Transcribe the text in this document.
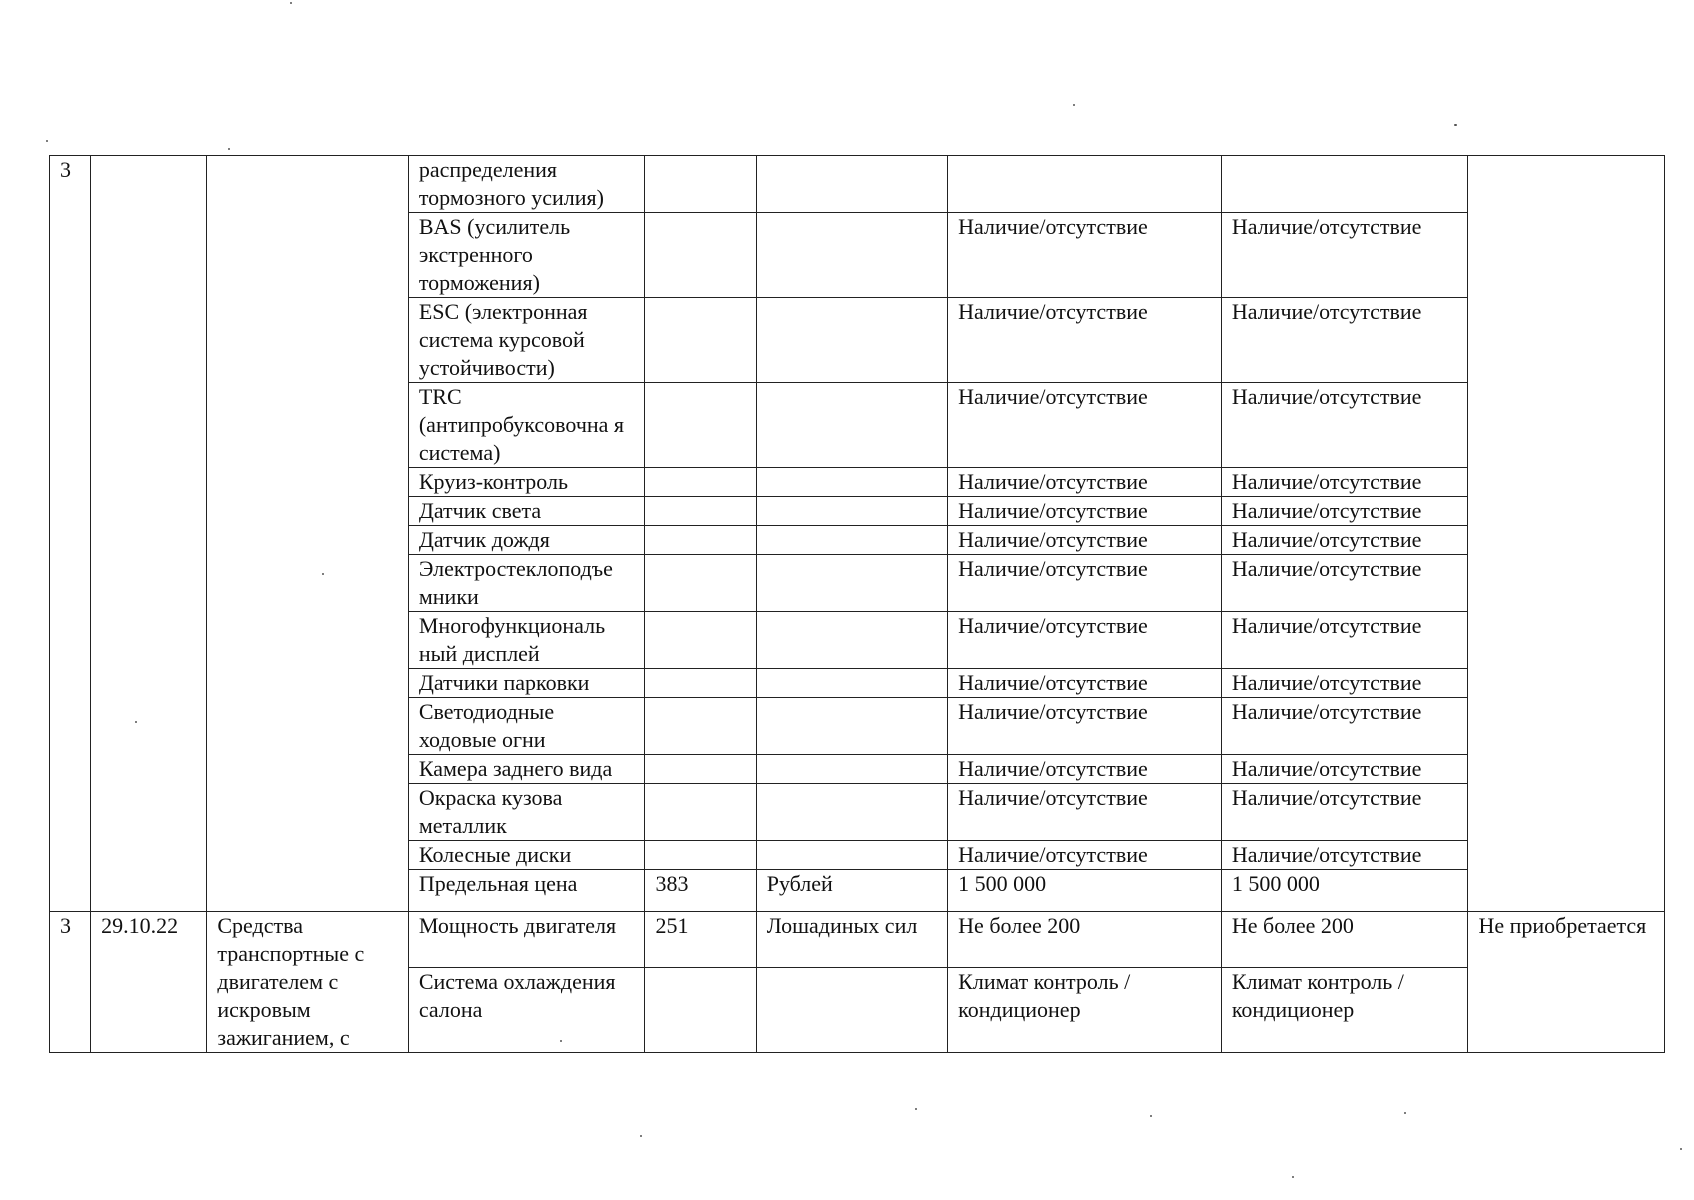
3			распределения тормозного усилия)					
			BAS (усилитель экстренного торможения)			Наличие/отсутствие	Наличие/отсутствие	
			ESC (электронная система курсовой устойчивости)			Наличие/отсутствие	Наличие/отсутствие	
			TRC (антипробуксовочна я система)			Наличие/отсутствие	Наличие/отсутствие	
			Круиз-контроль			Наличие/отсутствие	Наличие/отсутствие	
			Датчик света			Наличие/отсутствие	Наличие/отсутствие	
			Датчик дождя			Наличие/отсутствие	Наличие/отсутствие	
			Электростеклоподъе мники			Наличие/отсутствие	Наличие/отсутствие	
			Многофункциональ ный дисплей			Наличие/отсутствие	Наличие/отсутствие	
			Датчики парковки			Наличие/отсутствие	Наличие/отсутствие	
			Светодиодные ходовые огни			Наличие/отсутствие	Наличие/отсутствие	
			Камера заднего вида			Наличие/отсутствие	Наличие/отсутствие	
			Окраска кузова металлик			Наличие/отсутствие	Наличие/отсутствие	
			Колесные диски			Наличие/отсутствие	Наличие/отсутствие	
			Предельная цена	383	Рублей	1 500 000	1 500 000	
3	29.10.22	Средства транспортные с двигателем с искровым зажиганием, с	Мощность двигателя	251	Лошадиных сил	Не более 200	Не более 200	Не приобретается
			Система охлаждения салона			Климат контроль /кондиционер	Климат контроль /кондиционер	
